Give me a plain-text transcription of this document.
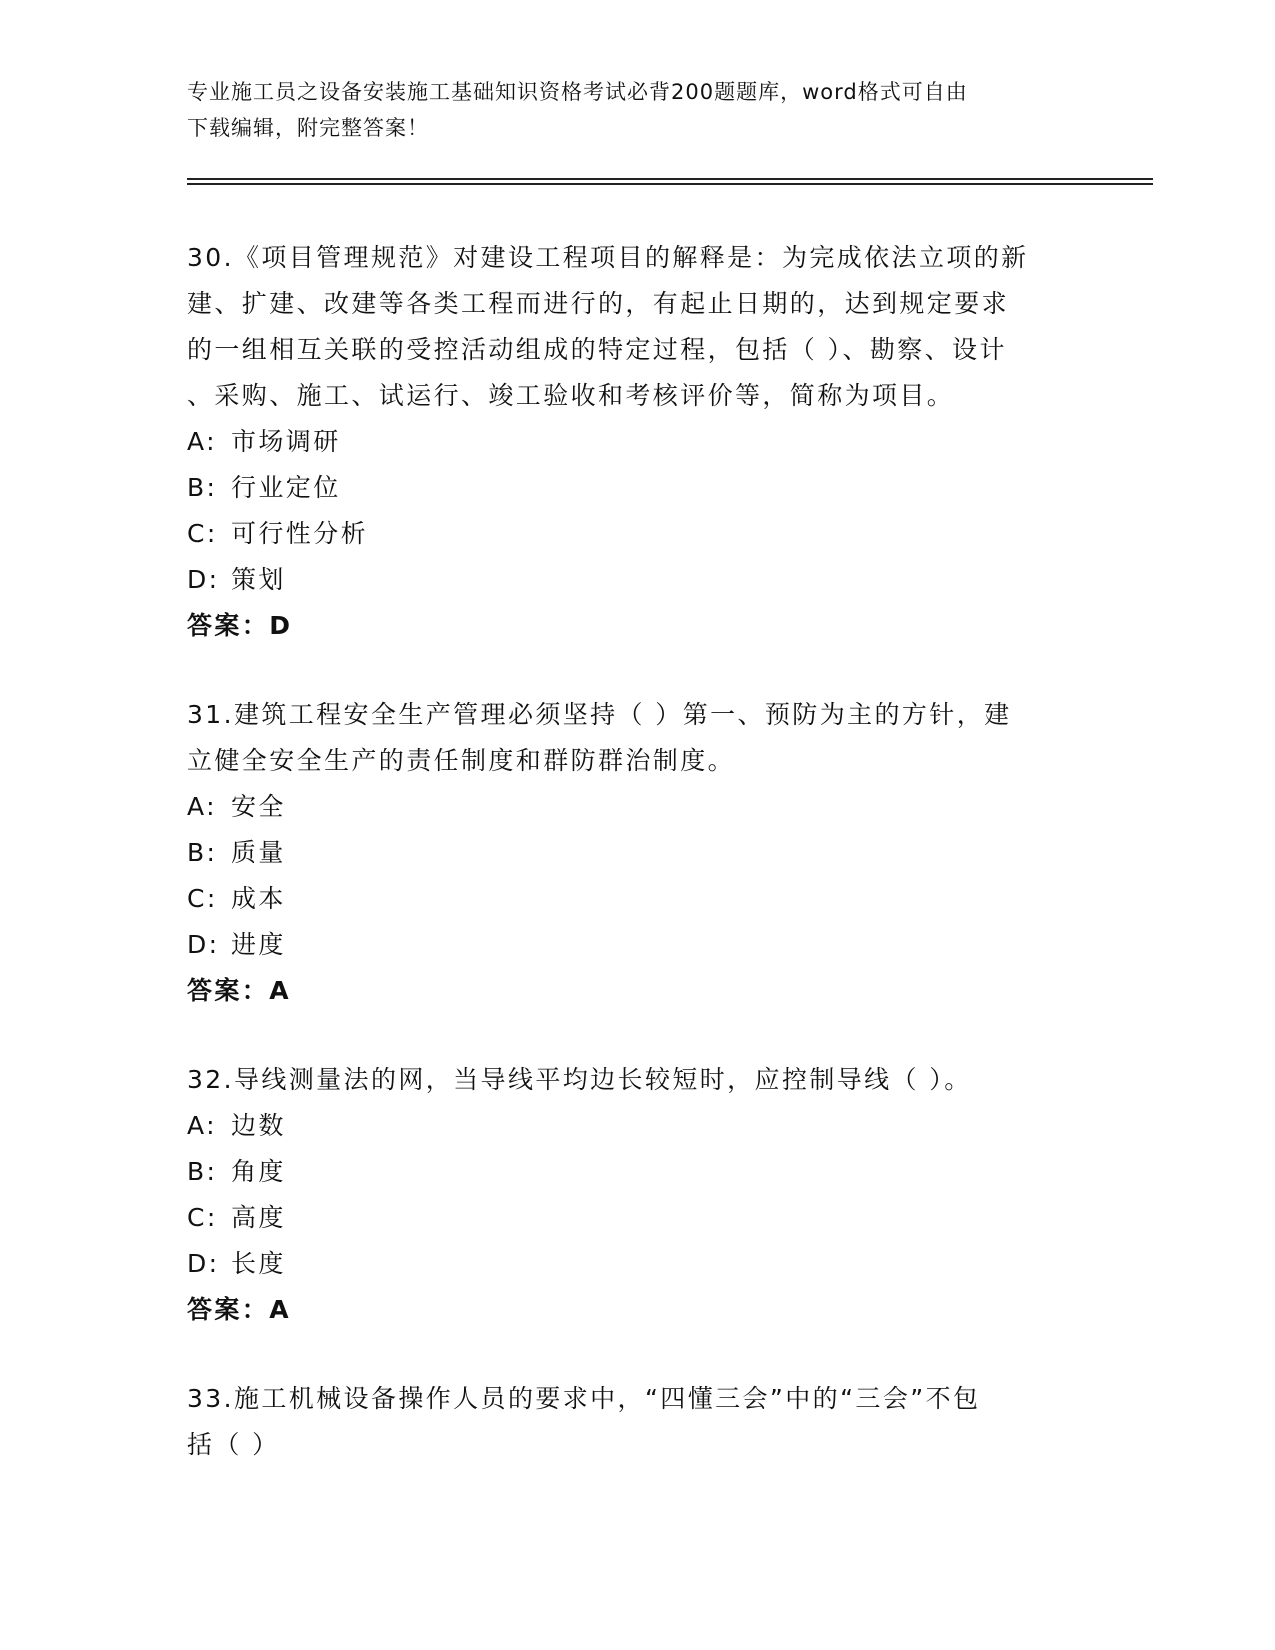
专业施工员之设备安装施工基础知识资格考试必背200题题库，word格式可自由
下载编辑，附完整答案！
30.《项目管理规范》对建设工程项目的解释是：为完成依法立项的新
建、扩建、改建等各类工程而进行的，有起止日期的，达到规定要求
的一组相互关联的受控活动组成的特定过程，包括（ ）、勘察、设计
、采购、施工、试运行、竣工验收和考核评价等，简称为项目。
A: 市场调研
B: 行业定位
C: 可行性分析
D: 策划
答案：D
31.建筑工程安全生产管理必须坚持（ ）第一、预防为主的方针，建
立健全安全生产的责任制度和群防群治制度。
A: 安全
B: 质量
C: 成本
D: 进度
答案：A
32.导线测量法的网，当导线平均边长较短时，应控制导线（ ）。
A: 边数
B: 角度
C: 高度
D: 长度
答案：A
33.施工机械设备操作人员的要求中，“四懂三会”中的“三会”不包
括（ ）
